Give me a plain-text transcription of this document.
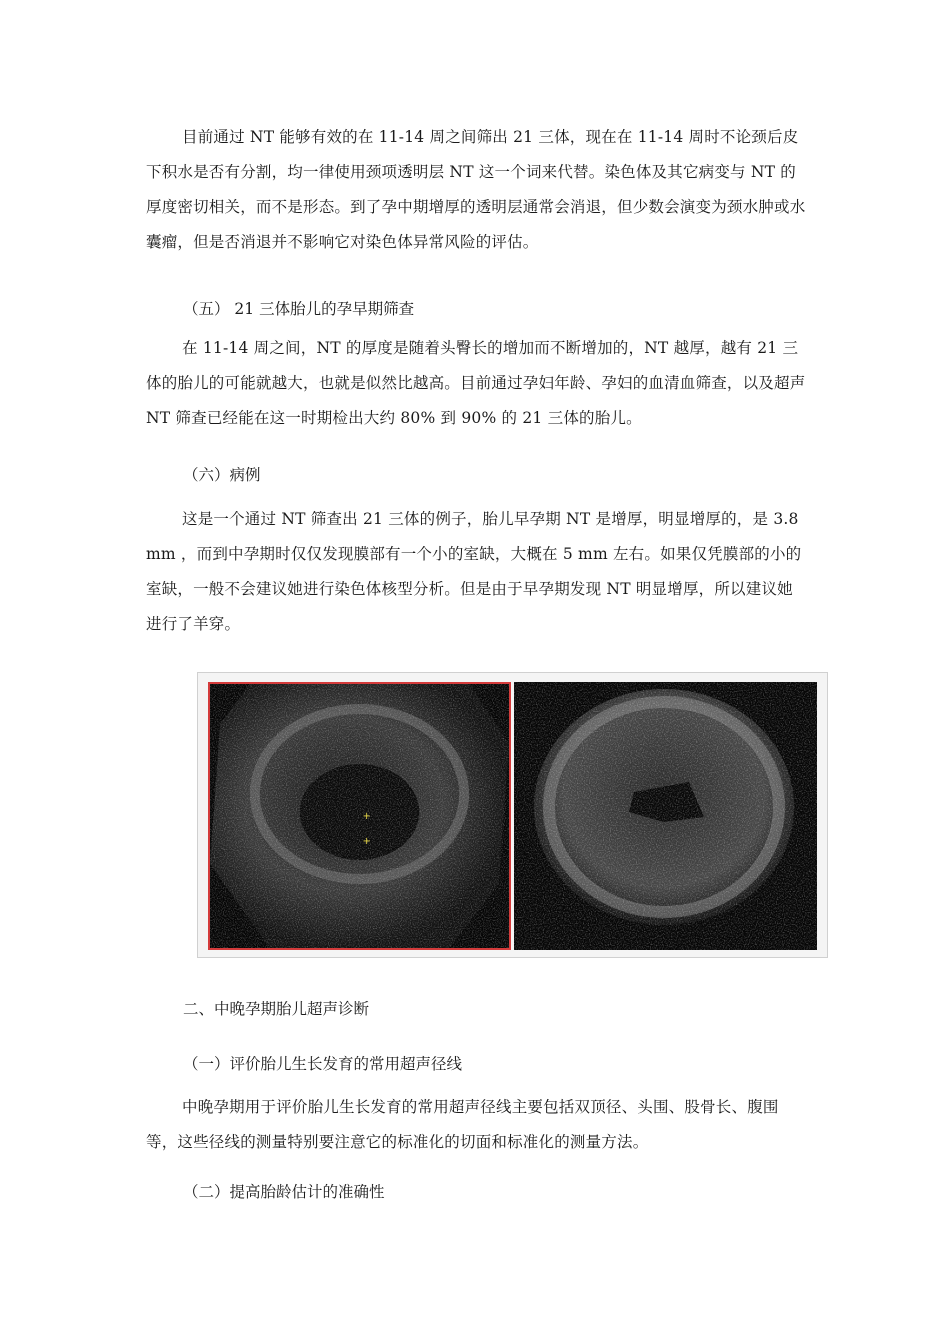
目前通过 NT 能够有效的在 11-14 周之间筛出 21 三体，现在在 11-14 周时不论颈后皮下积水是否有分割，均一律使用颈项透明层 NT 这一个词来代替。染色体及其它病变与 NT 的厚度密切相关，而不是形态。到了孕中期增厚的透明层通常会消退，但少数会演变为颈水肿或水囊瘤，但是否消退并不影响它对染色体异常风险的评估。

（五） 21 三体胎儿的孕早期筛查

在 11-14 周之间，NT 的厚度是随着头臀长的增加而不断增加的，NT 越厚，越有 21 三体的胎儿的可能就越大，也就是似然比越高。目前通过孕妇年龄、孕妇的血清血筛查，以及超声 NT 筛查已经能在这一时期检出大约 80% 到 90% 的 21 三体的胎儿。

（六）病例

这是一个通过 NT 筛查出 21 三体的例子，胎儿早孕期 NT 是增厚，明显增厚的，是 3.8 mm ，而到中孕期时仅仅发现膜部有一个小的室缺，大概在 5 mm 左右。如果仅凭膜部的小的室缺，一般不会建议她进行染色体核型分析。但是由于早孕期发现 NT 明显增厚，所以建议她进行了羊穿。

+
+

二、中晚孕期胎儿超声诊断

（一）评价胎儿生长发育的常用超声径线

中晚孕期用于评价胎儿生长发育的常用超声径线主要包括双顶径、头围、股骨长、腹围等，这些径线的测量特别要注意它的标准化的切面和标准化的测量方法。

（二）提高胎龄估计的准确性
